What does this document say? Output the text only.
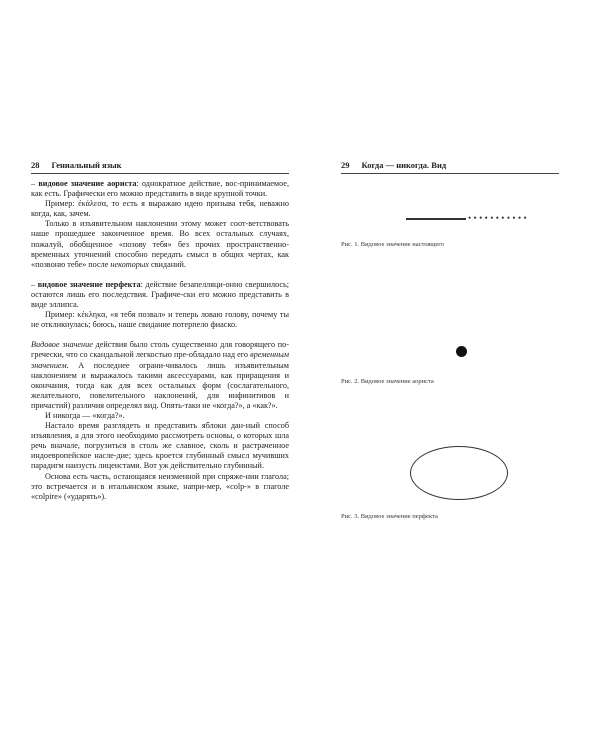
28 Гениальный язык

– видовое значение аориста: однократное действие, вос-принимаемое, как есть. Графически его можно представить в виде крупной точки.

Пример: ἐκάλεσα, то есть я выражаю идею призыва тебя, неважно когда, как, зачем.

Только в изъявительном наклонении этому может соот-ветствовать наше прошедшее законченное время. Во всех остальных случаях, пожалуй, обобщенное «позову тебя» без прочих пространственно-временных уточнений способно передать смысл в общих чертах, как «позвоню тебе» после некоторых свиданий.

– видовое значение перфекта: действие безапелляци-онно свершилось; остаются лишь его последствия. Графиче-ски его можно представить в виде эллипса.

Пример: κέκληκα, «я тебя позвал» и теперь ловаю голову, почему ты не откликнулась; боюсь, наше свидание потерпело фиаско.

Видовое значение действия было столь существенно для говорящего по-гречески, что со скандальной легкостью пре-обладало над его временным значением. А последнее ограни-чивалось лишь изъявительным наклонением и выражалось такими аксессуарами, как приращения и окончания, тогда как для всех остальных форм (сослагательного, желательного, повелительного наклонений, для инфинитивов и причастий) различия определял вид. Опять-таки не «когда?», а «как?».

И никогда — «когда?».

Настало время разглядеть и представить яблоки дан-ный способ изъявления, а для этого необходимо рассмотреть основы, о которых шла речь вначале, погрузиться в столь же славное, сколь и растраченное индоевропейское насле-дие; здесь кроется глубинный смысл мучивших парадигм наизусть лицеистами. Вот уж действительно глубинный.

Основа есть часть, остающаяся неизменной при спряже-нии глагола; это встречается и в итальянском языке, напри-мер, «colp-» в глаголе «colpire» («ударять»).

29 Когда — никогда. Вид
•••••••••••
Рис. 1. Видовое значение настоящего
Рис. 2. Видовое значение аориста
Рис. 3. Видовое значение перфекта
